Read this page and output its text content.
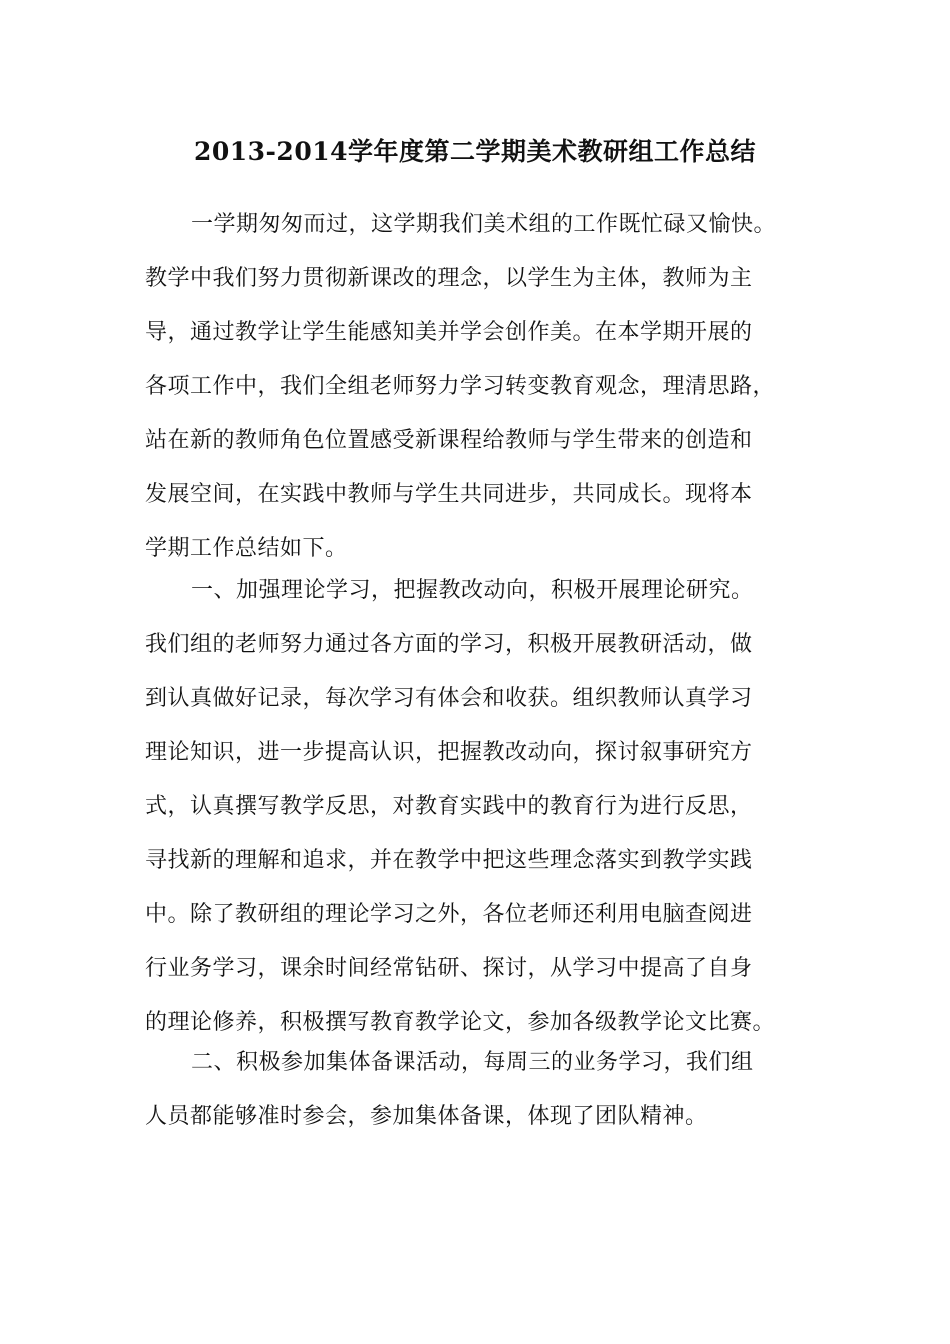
2013-2014学年度第二学期美术教研组工作总结
一学期匆匆而过，这学期我们美术组的工作既忙碌又愉快。
教学中我们努力贯彻新课改的理念，以学生为主体，教师为主
导，通过教学让学生能感知美并学会创作美。在本学期开展的
各项工作中，我们全组老师努力学习转变教育观念，理清思路，
站在新的教师角色位置感受新课程给教师与学生带来的创造和
发展空间，在实践中教师与学生共同进步，共同成长。现将本
学期工作总结如下。
一、加强理论学习，把握教改动向，积极开展理论研究。
我们组的老师努力通过各方面的学习，积极开展教研活动，做
到认真做好记录，每次学习有体会和收获。组织教师认真学习
理论知识，进一步提高认识，把握教改动向，探讨叙事研究方
式，认真撰写教学反思，对教育实践中的教育行为进行反思，
寻找新的理解和追求，并在教学中把这些理念落实到教学实践
中。除了教研组的理论学习之外，各位老师还利用电脑查阅进
行业务学习，课余时间经常钻研、探讨，从学习中提高了自身
的理论修养，积极撰写教育教学论文，参加各级教学论文比赛。
二、积极参加集体备课活动，每周三的业务学习，我们组
人员都能够准时参会，参加集体备课，体现了团队精神。
